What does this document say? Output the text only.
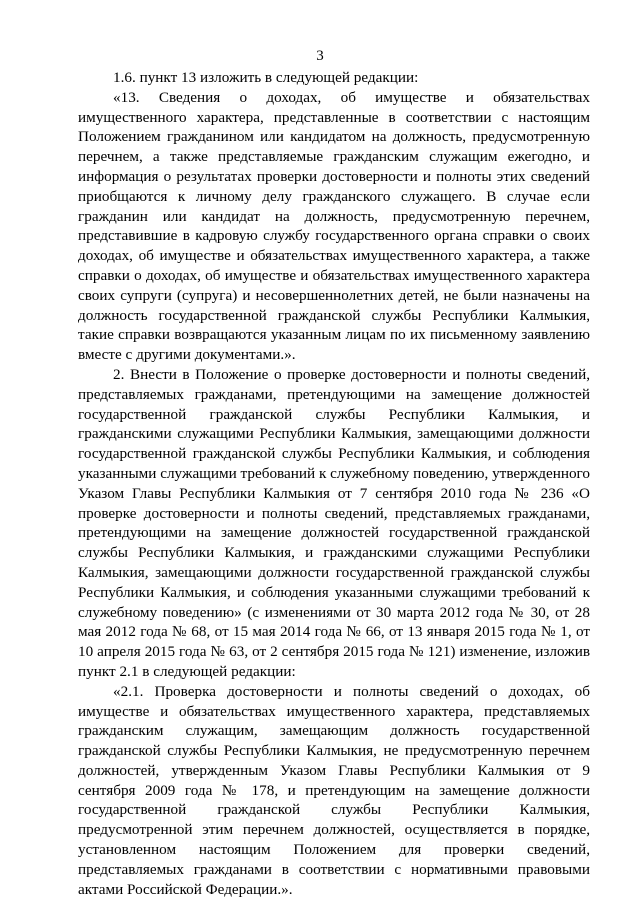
3

1.6. пункт 13 изложить в следующей редакции:

«13. Сведения о доходах, об имуществе и обязательствах имущественного характера, представленные в соответствии с настоящим Положением гражданином или кандидатом на должность, предусмотренную перечнем, а также представляемые гражданским служащим ежегодно, и информация о результатах проверки достоверности и полноты этих сведений приобщаются к личному делу гражданского служащего. В случае если гражданин или кандидат на должность, предусмотренную перечнем, представившие в кадровую службу государственного органа справки о своих доходах, об имуществе и обязательствах имущественного характера, а также справки о доходах, об имуществе и обязательствах имущественного характера своих супруги (супруга) и несовершеннолетних детей, не были назначены на должность государственной гражданской службы Республики Калмыкия, такие справки возвращаются указанным лицам по их письменному заявлению вместе с другими документами.».

2. Внести в Положение о проверке достоверности и полноты сведений, представляемых гражданами, претендующими на замещение должностей государственной гражданской службы Республики Калмыкия, и гражданскими служащими Республики Калмыкия, замещающими должности государственной гражданской службы Республики Калмыкия, и соблюдения указанными служащими требований к служебному поведению, утвержденного Указом Главы Республики Калмыкия от 7 сентября 2010 года № 236 «О проверке достоверности и полноты сведений, представляемых гражданами, претендующими на замещение должностей государственной гражданской службы Республики Калмыкия, и гражданскими служащими Республики Калмыкия, замещающими должности государственной гражданской службы Республики Калмыкия, и соблюдения указанными служащими требований к служебному поведению» (с изменениями от 30 марта 2012 года № 30, от 28 мая 2012 года № 68, от 15 мая 2014 года № 66, от 13 января 2015 года № 1, от 10 апреля 2015 года № 63, от 2 сентября 2015 года № 121) изменение, изложив пункт 2.1 в следующей редакции:

«2.1. Проверка достоверности и полноты сведений о доходах, об имуществе и обязательствах имущественного характера, представляемых гражданским служащим, замещающим должность государственной гражданской службы Республики Калмыкия, не предусмотренную перечнем должностей, утвержденным Указом Главы Республики Калмыкия от 9 сентября 2009 года № 178, и претендующим на замещение должности государственной гражданской службы Республики Калмыкия, предусмотренной этим перечнем должностей, осуществляется в порядке, установленном настоящим Положением для проверки сведений, представляемых гражданами в соответствии с нормативными правовыми актами Российской Федерации.».
